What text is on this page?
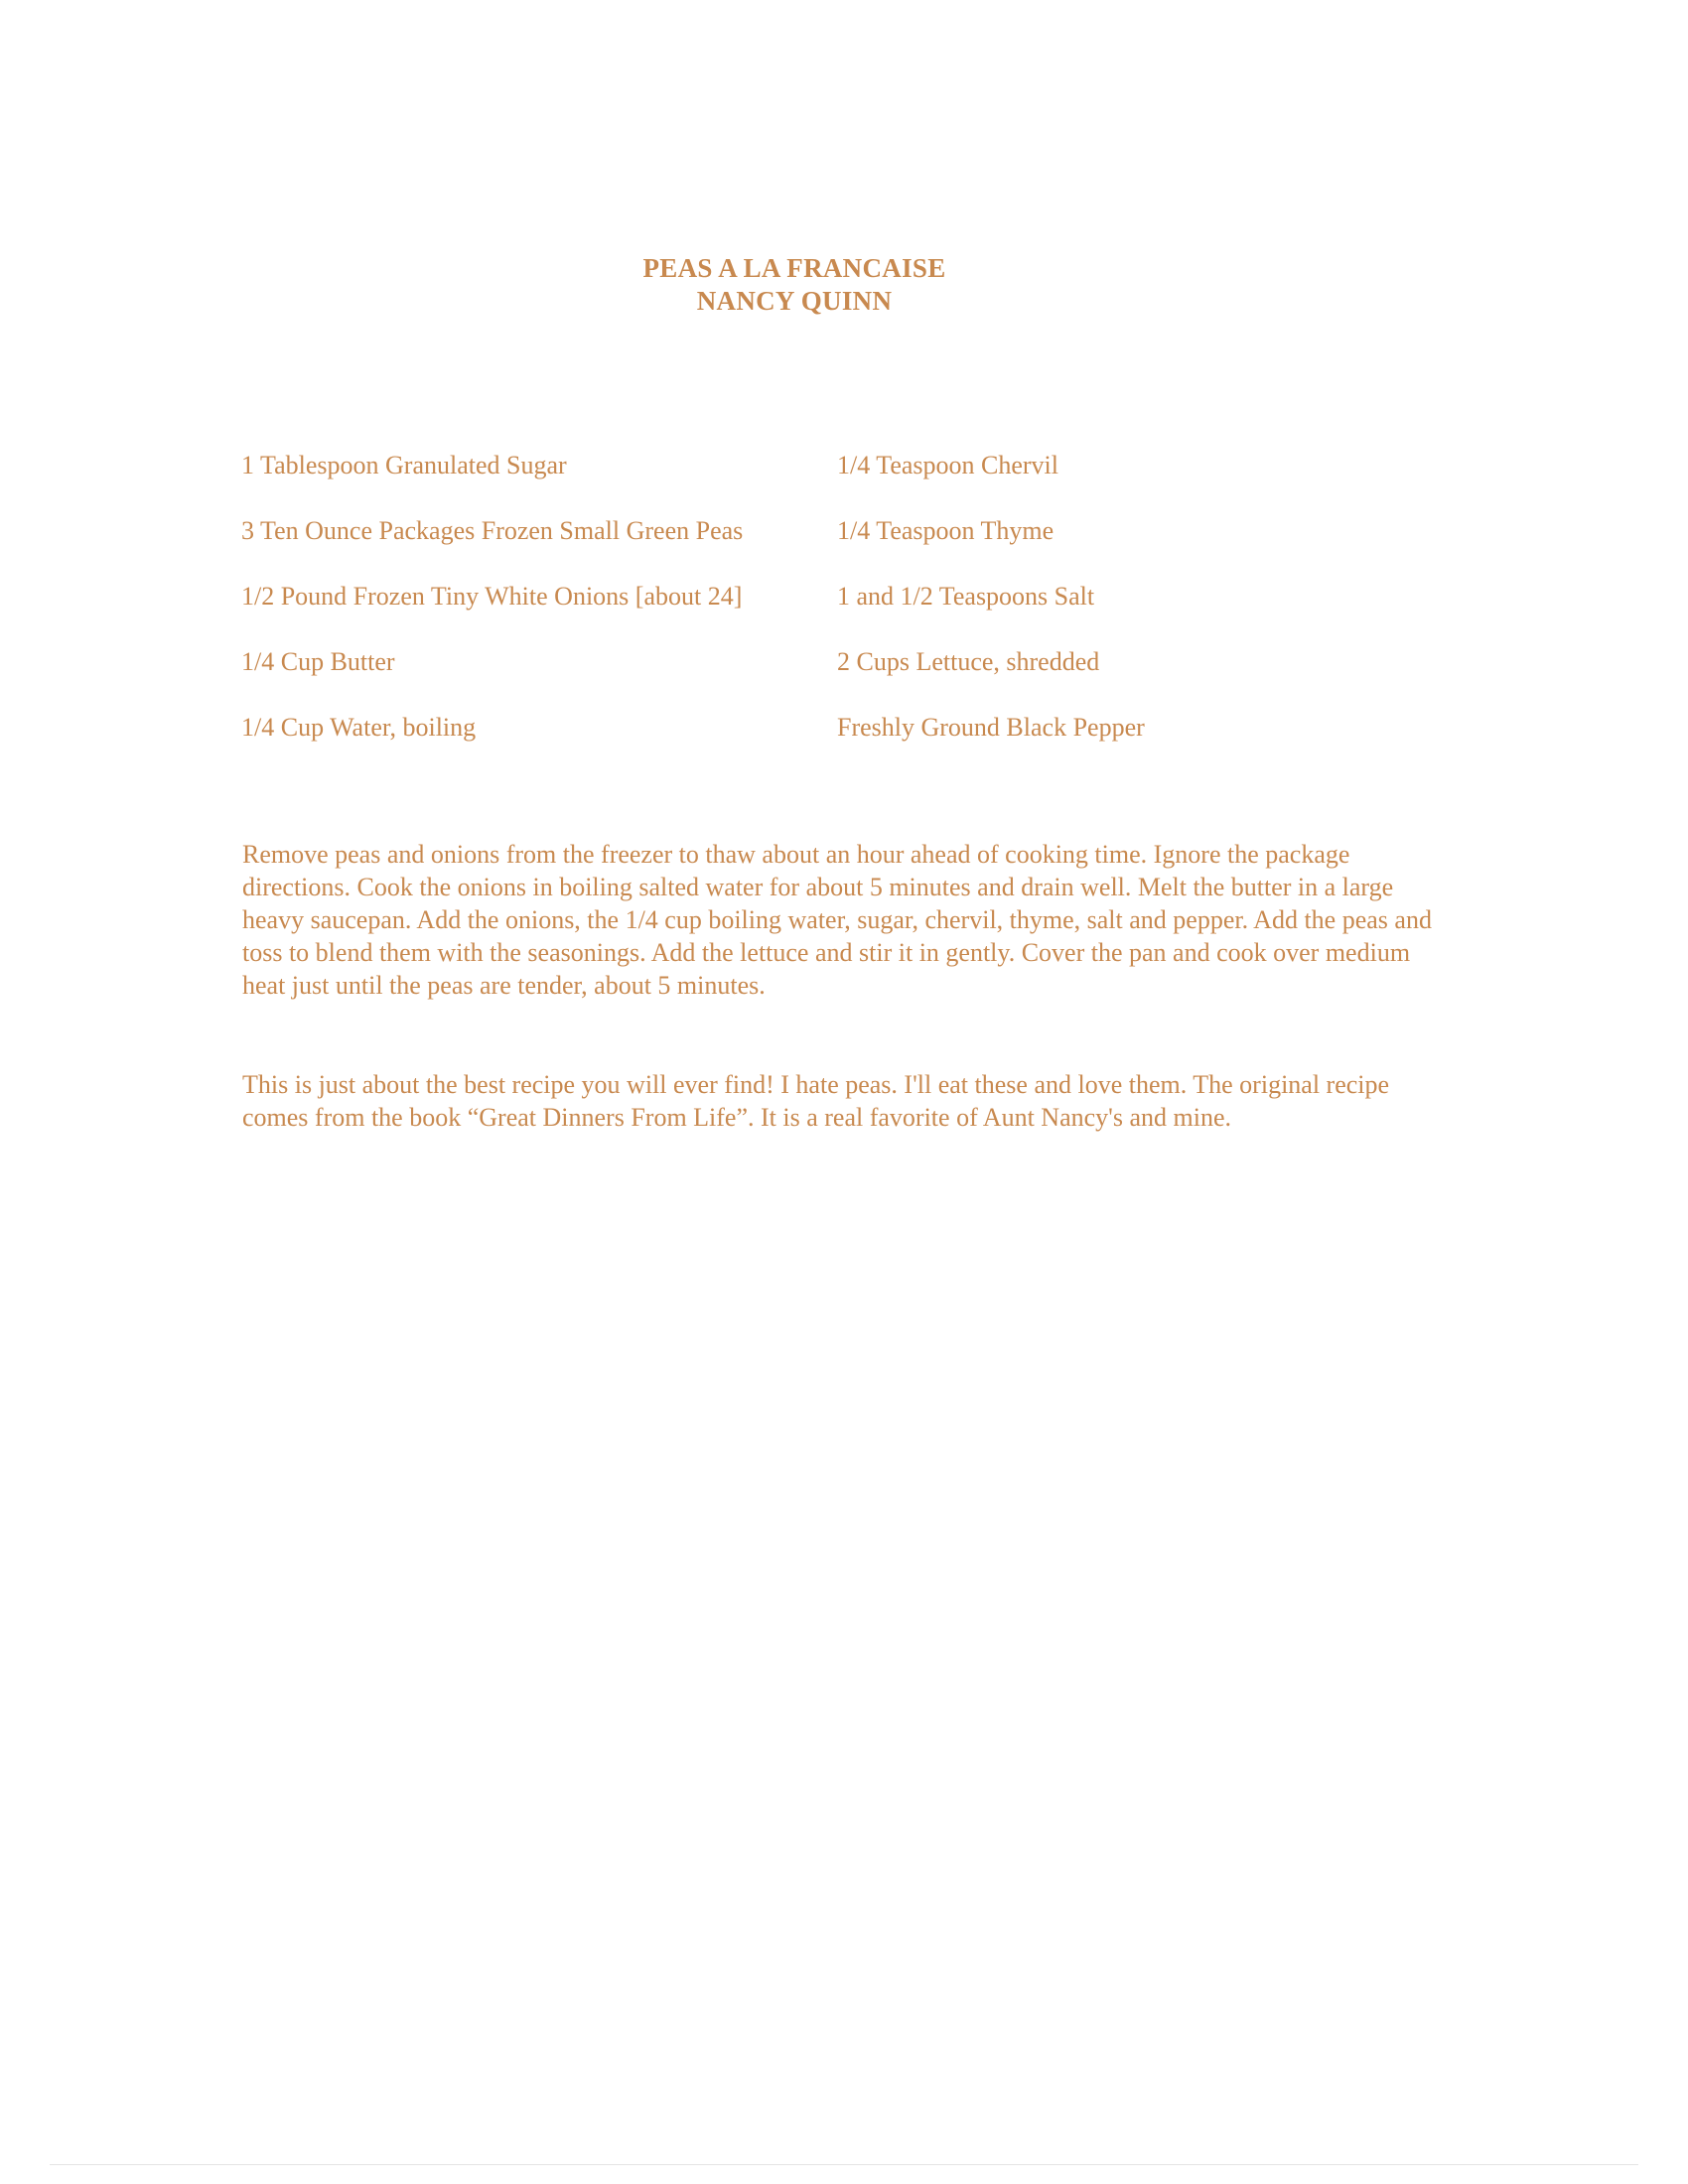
PEAS A LA FRANCAISE
NANCY QUINN
1 Tablespoon Granulated Sugar	1/4 Teaspoon Chervil
3 Ten Ounce Packages Frozen Small Green Peas	1/4 Teaspoon Thyme
1/2 Pound Frozen Tiny White Onions [about 24]	1 and 1/2 Teaspoons Salt
1/4 Cup Butter	2 Cups Lettuce, shredded
1/4 Cup Water, boiling	Freshly Ground Black Pepper

Remove peas and onions from the freezer to thaw about an hour ahead of cooking time. Ignore the package directions. Cook the onions in boiling salted water for about 5 minutes and drain well. Melt the butter in a large heavy saucepan. Add the onions, the 1/4 cup boiling water, sugar, chervil, thyme, salt and pepper. Add the peas and toss to blend them with the seasonings. Add the lettuce and stir it in gently. Cover the pan and cook over medium heat just until the peas are tender, about 5 minutes.

This is just about the best recipe you will ever find! I hate peas. I'll eat these and love them. The original recipe comes from the book “Great Dinners From Life”. It is a real favorite of Aunt Nancy's and mine.
